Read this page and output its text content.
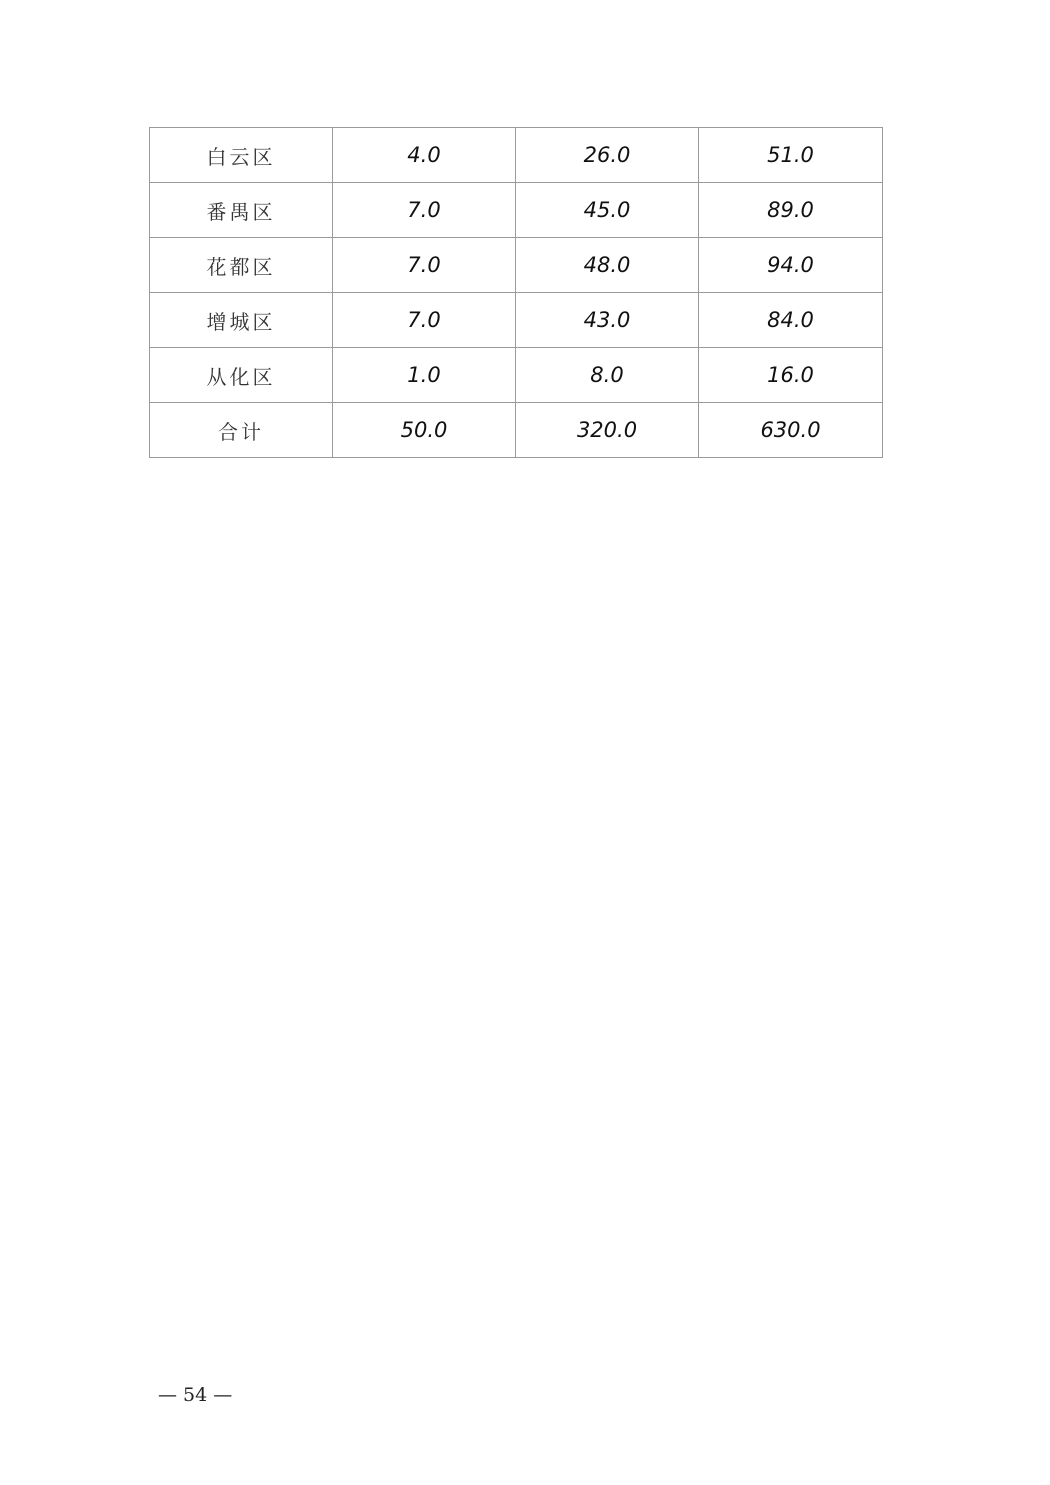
白云区	4.0	26.0	51.0
番禺区	7.0	45.0	89.0
花都区	7.0	48.0	94.0
增城区	7.0	43.0	84.0
从化区	1.0	8.0	16.0
合计	50.0	320.0	630.0
— 54 —
